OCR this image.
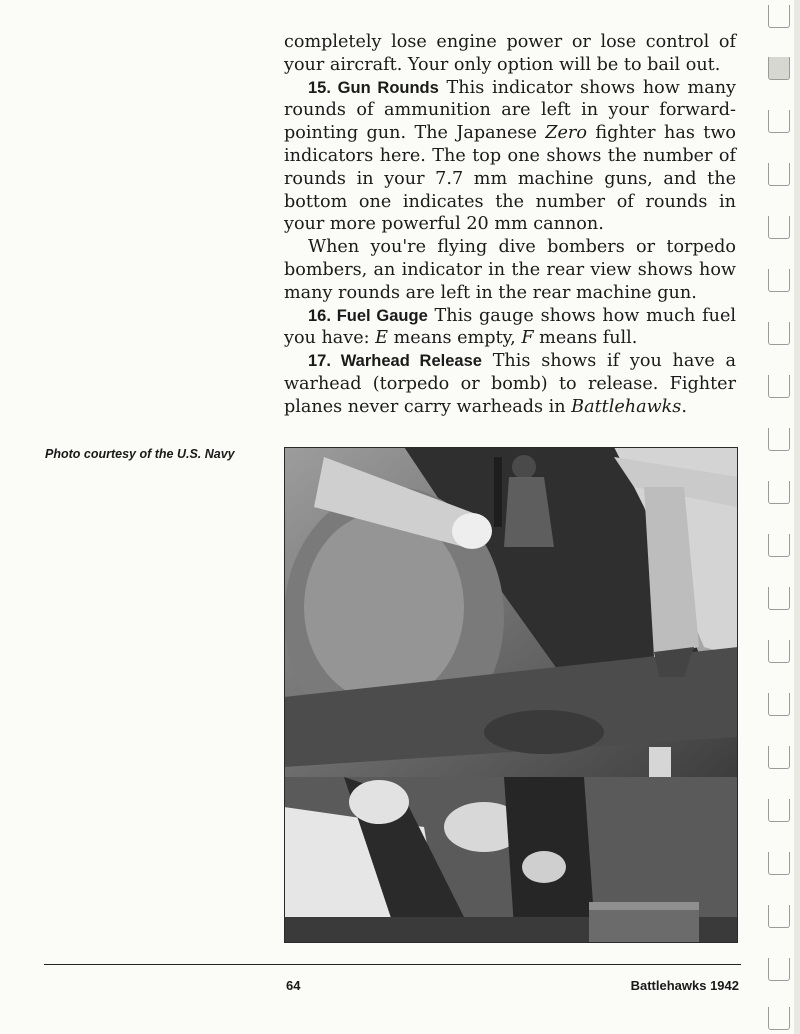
completely lose engine power or lose control of your aircraft. Your only option will be to bail out.

15. Gun Rounds This indicator shows how many rounds of ammunition are left in your forward-pointing gun. The Japanese Zero fighter has two indicators here. The top one shows the number of rounds in your 7.7 mm machine guns, and the bottom one indicates the number of rounds in your more powerful 20 mm cannon.

When you're flying dive bombers or torpedo bombers, an indicator in the rear view shows how many rounds are left in the rear machine gun.

16. Fuel Gauge This gauge shows how much fuel you have: E means empty, F means full.

17. Warhead Release This shows if you have a warhead (torpedo or bomb) to release. Fighter planes never carry warheads in Battlehawks.

Photo courtesy of the U.S. Navy
64	Battlehawks 1942
